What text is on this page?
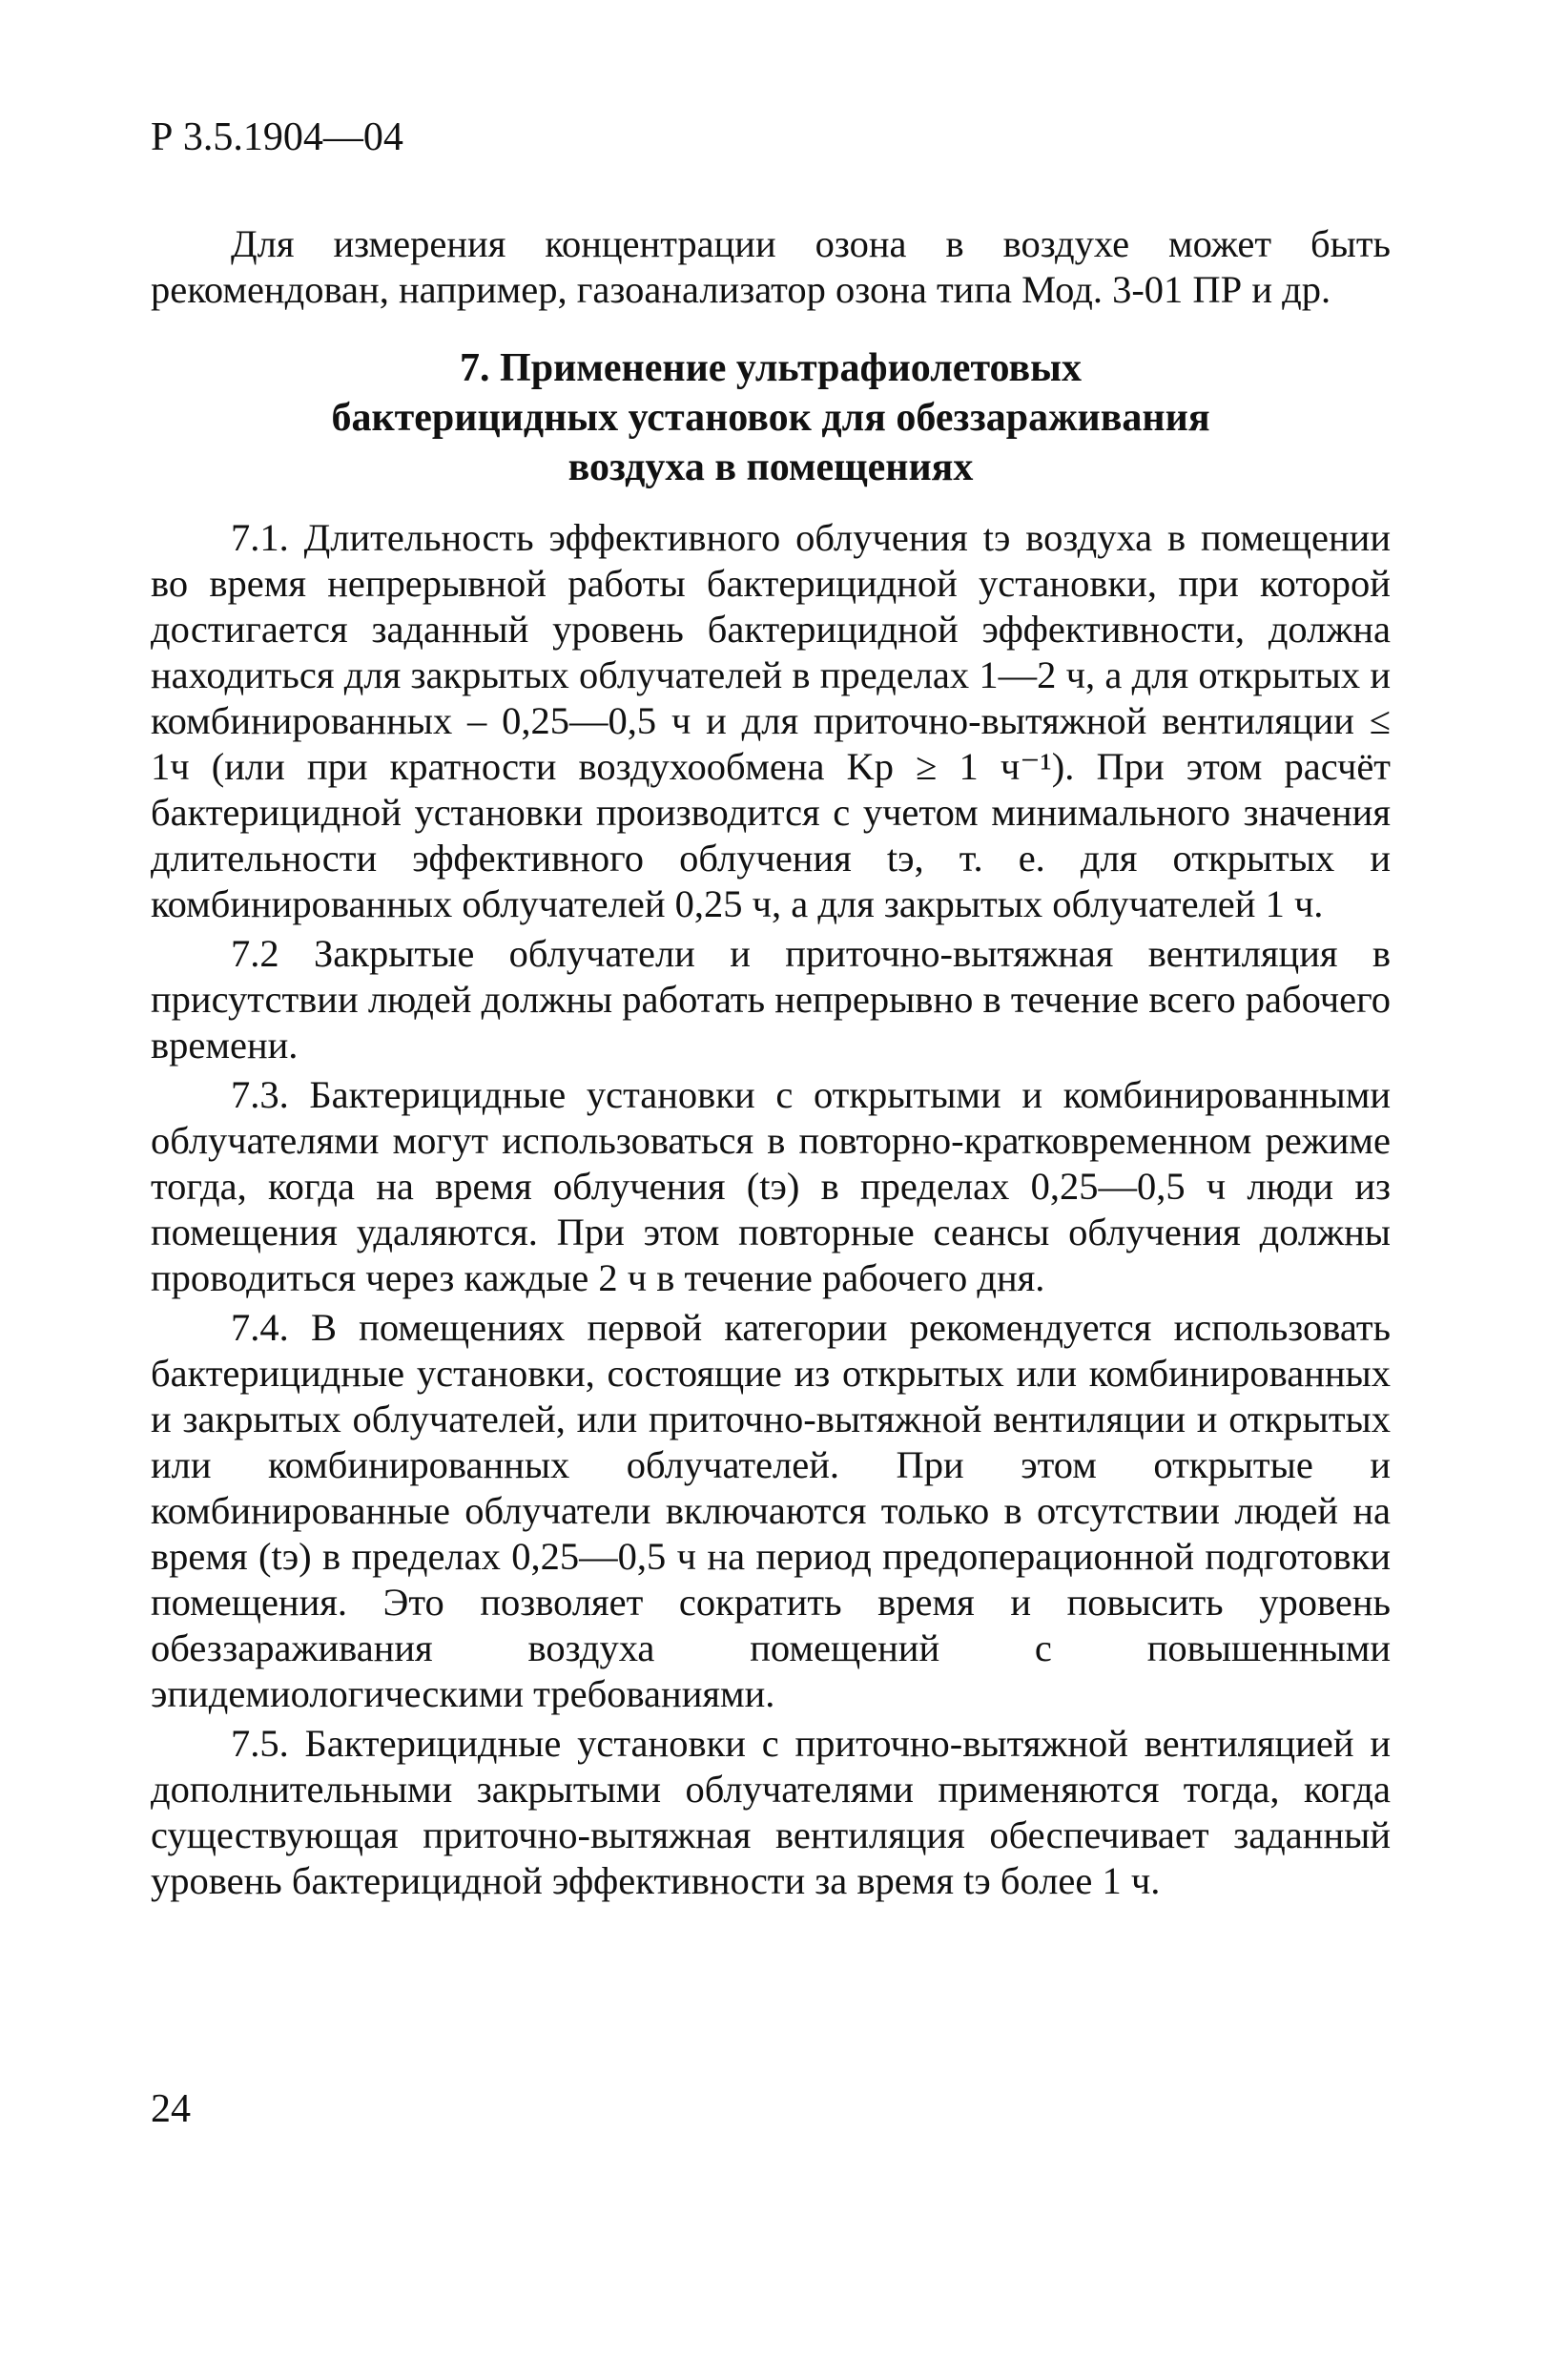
Р 3.5.1904—04

Для измерения концентрации озона в воздухе может быть рекомендован, например, газоанализатор озона типа Мод. 3-01 ПР и др.

7. Применение ультрафиолетовых
бактерицидных установок для обеззараживания
воздуха в помещениях

7.1. Длительность эффективного облучения tэ воздуха в помещении во время непрерывной работы бактерицидной установки, при которой достигается заданный уровень бактерицидной эффективности, должна находиться для закрытых облучателей в пределах 1—2 ч, а для открытых и комбинированных – 0,25—0,5 ч и для приточно-вытяжной вентиляции ≤ 1ч (или при кратности воздухообмена Kp ≥ 1 ч⁻¹). При этом расчёт бактерицидной установки производится с учетом минимального значения длительности эффективного облучения tэ, т. е. для открытых и комбинированных облучателей 0,25 ч, а для закрытых облучателей 1 ч.

7.2 Закрытые облучатели и приточно-вытяжная вентиляция в присутствии людей должны работать непрерывно в течение всего рабочего времени.

7.3. Бактерицидные установки с открытыми и комбинированными облучателями могут использоваться в повторно-кратковременном режиме тогда, когда на время облучения (tэ) в пределах 0,25—0,5 ч люди из помещения удаляются. При этом повторные сеансы облучения должны проводиться через каждые 2 ч в течение рабочего дня.

7.4. В помещениях первой категории рекомендуется использовать бактерицидные установки, состоящие из открытых или комбинированных и закрытых облучателей, или приточно-вытяжной вентиляции и открытых или комбинированных облучателей. При этом открытые и комбинированные облучатели включаются только в отсутствии людей на время (tэ) в пределах 0,25—0,5 ч на период предоперационной подготовки помещения. Это позволяет сократить время и повысить уровень обеззараживания воздуха помещений с повышенными эпидемиологическими требованиями.

7.5. Бактерицидные установки с приточно-вытяжной вентиляцией и дополнительными закрытыми облучателями применяются тогда, когда существующая приточно-вытяжная вентиляция обеспечивает заданный уровень бактерицидной эффективности за время tэ более 1 ч.

24
